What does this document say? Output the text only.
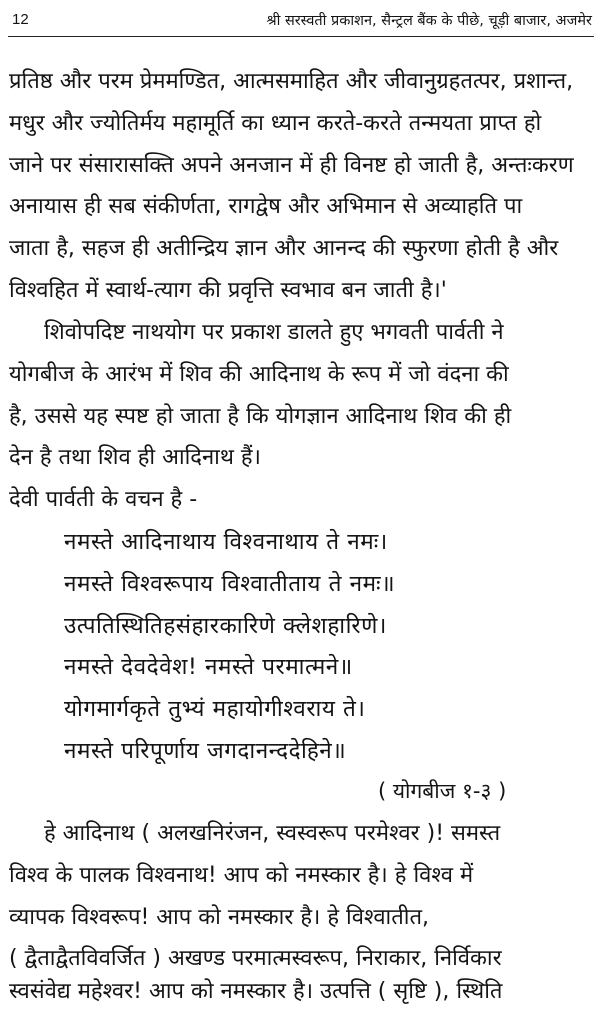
12	श्री सरस्वती प्रकाशन, सैन्ट्रल बैंक के पीछे, चूड़ी बाजार, अजमेर
प्रतिष्ठ और परम प्रेममण्डित, आत्मसमाहित और जीवानुग्रहतत्पर, प्रशान्त,
मधुर और ज्योतिर्मय महामूर्ति का ध्यान करते-करते तन्मयता प्राप्त हो
जाने पर संसारासक्ति अपने अनजान में ही विनष्ट हो जाती है, अन्तःकरण
अनायास ही सब संकीर्णता, रागद्वेष और अभिमान से अव्याहति पा
जाता है, सहज ही अतीन्द्रिय ज्ञान और आनन्द की स्फुरणा होती है और
विश्वहित में स्वार्थ-त्याग की प्रवृत्ति स्वभाव बन जाती है।'
शिवोपदिष्ट नाथयोग पर प्रकाश डालते हुए भगवती पार्वती ने
योगबीज के आरंभ में शिव की आदिनाथ के रूप में जो वंदना की
है, उससे यह स्पष्ट हो जाता है कि योगज्ञान आदिनाथ शिव की ही
देन है तथा शिव ही आदिनाथ हैं।
देवी पार्वती के वचन है -
नमस्ते आदिनाथाय विश्वनाथाय ते नमः।
नमस्ते विश्वरूपाय विश्वातीताय ते नमः॥
उत्पतिस्थितिहसंहारकारिणे क्लेशहारिणे।
नमस्ते देवदेवेश! नमस्ते परमात्मने॥
योगमार्गकृते तुभ्यं महायोगीश्वराय ते।
नमस्ते परिपूर्णाय जगदानन्ददेहिने॥
( योगबीज १-३ )
हे आदिनाथ ( अलखनिरंजन, स्वस्वरूप परमेश्वर )! समस्त
विश्व के पालक विश्वनाथ! आप को नमस्कार है। हे विश्व में
व्यापक विश्वरूप! आप को नमस्कार है। हे विश्वातीत,
( द्वैताद्वैतविवर्जित ) अखण्ड परमात्मस्वरूप, निराकार, निर्विकार
स्वसंवेद्य महेश्वर! आप को नमस्कार है। उत्पत्ति ( सृष्टि ), स्थिति
